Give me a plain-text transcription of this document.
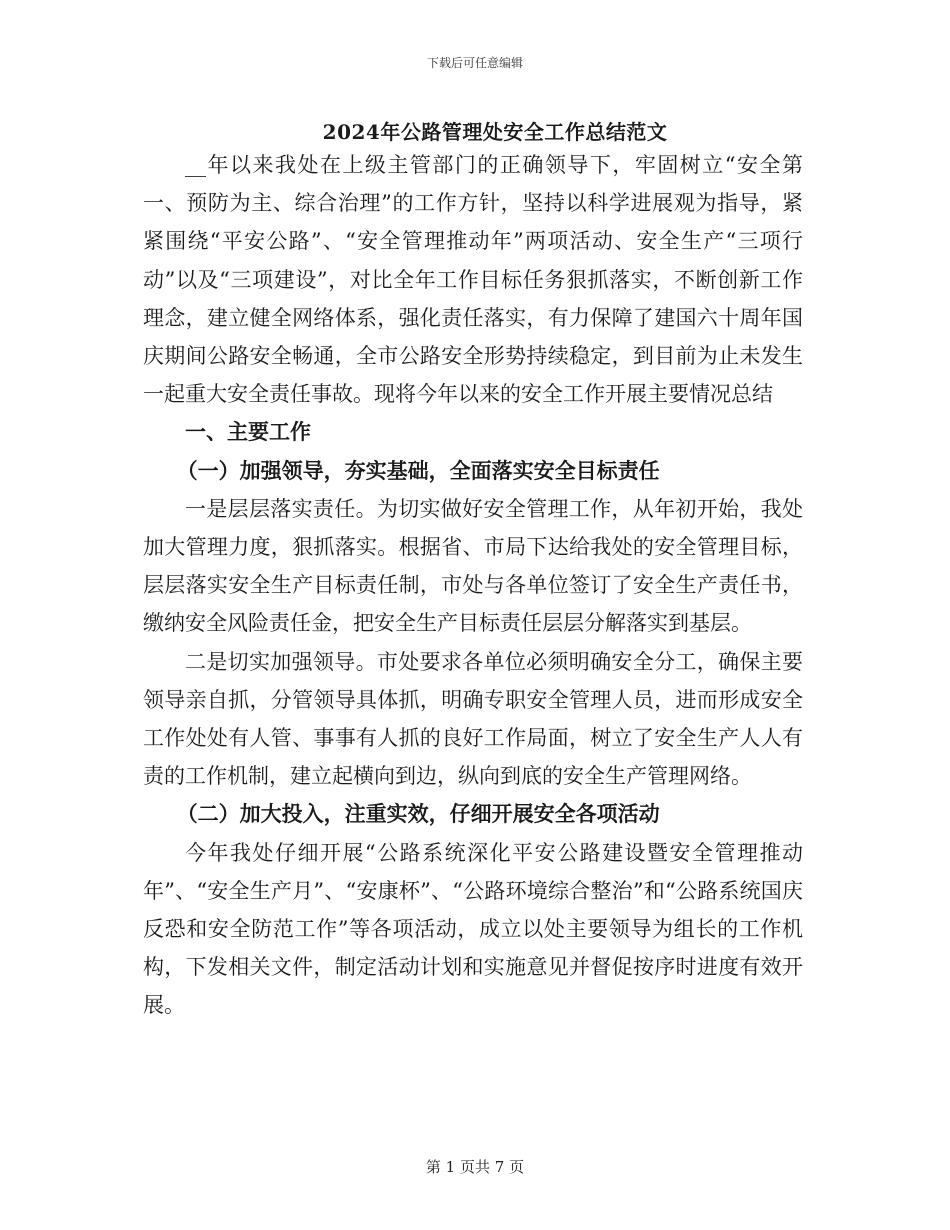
下载后可任意编辑
2024年公路管理处安全工作总结范文

__年以来我处在上级主管部门的正确领导下，牢固树立“安全第一、预防为主、综合治理”的工作方针，坚持以科学进展观为指导，紧紧围绕“平安公路”、“安全管理推动年”两项活动、安全生产“三项行动”以及“三项建设”，对比全年工作目标任务狠抓落实，不断创新工作理念，建立健全网络体系，强化责任落实，有力保障了建国六十周年国庆期间公路安全畅通，全市公路安全形势持续稳定，到目前为止未发生一起重大安全责任事故。现将今年以来的安全工作开展主要情况总结

一、主要工作

（一）加强领导，夯实基础，全面落实安全目标责任

一是层层落实责任。为切实做好安全管理工作，从年初开始，我处加大管理力度，狠抓落实。根据省、市局下达给我处的安全管理目标，层层落实安全生产目标责任制，市处与各单位签订了安全生产责任书，缴纳安全风险责任金，把安全生产目标责任层层分解落实到基层。

二是切实加强领导。市处要求各单位必须明确安全分工，确保主要领导亲自抓，分管领导具体抓，明确专职安全管理人员，进而形成安全工作处处有人管、事事有人抓的良好工作局面，树立了安全生产人人有责的工作机制，建立起横向到边，纵向到底的安全生产管理网络。

（二）加大投入，注重实效，仔细开展安全各项活动

今年我处仔细开展“公路系统深化平安公路建设暨安全管理推动年”、“安全生产月”、“安康杯”、“公路环境综合整治”和“公路系统国庆反恐和安全防范工作”等各项活动，成立以处主要领导为组长的工作机构，下发相关文件，制定活动计划和实施意见并督促按序时进度有效开展。

第 1 页共 7 页
